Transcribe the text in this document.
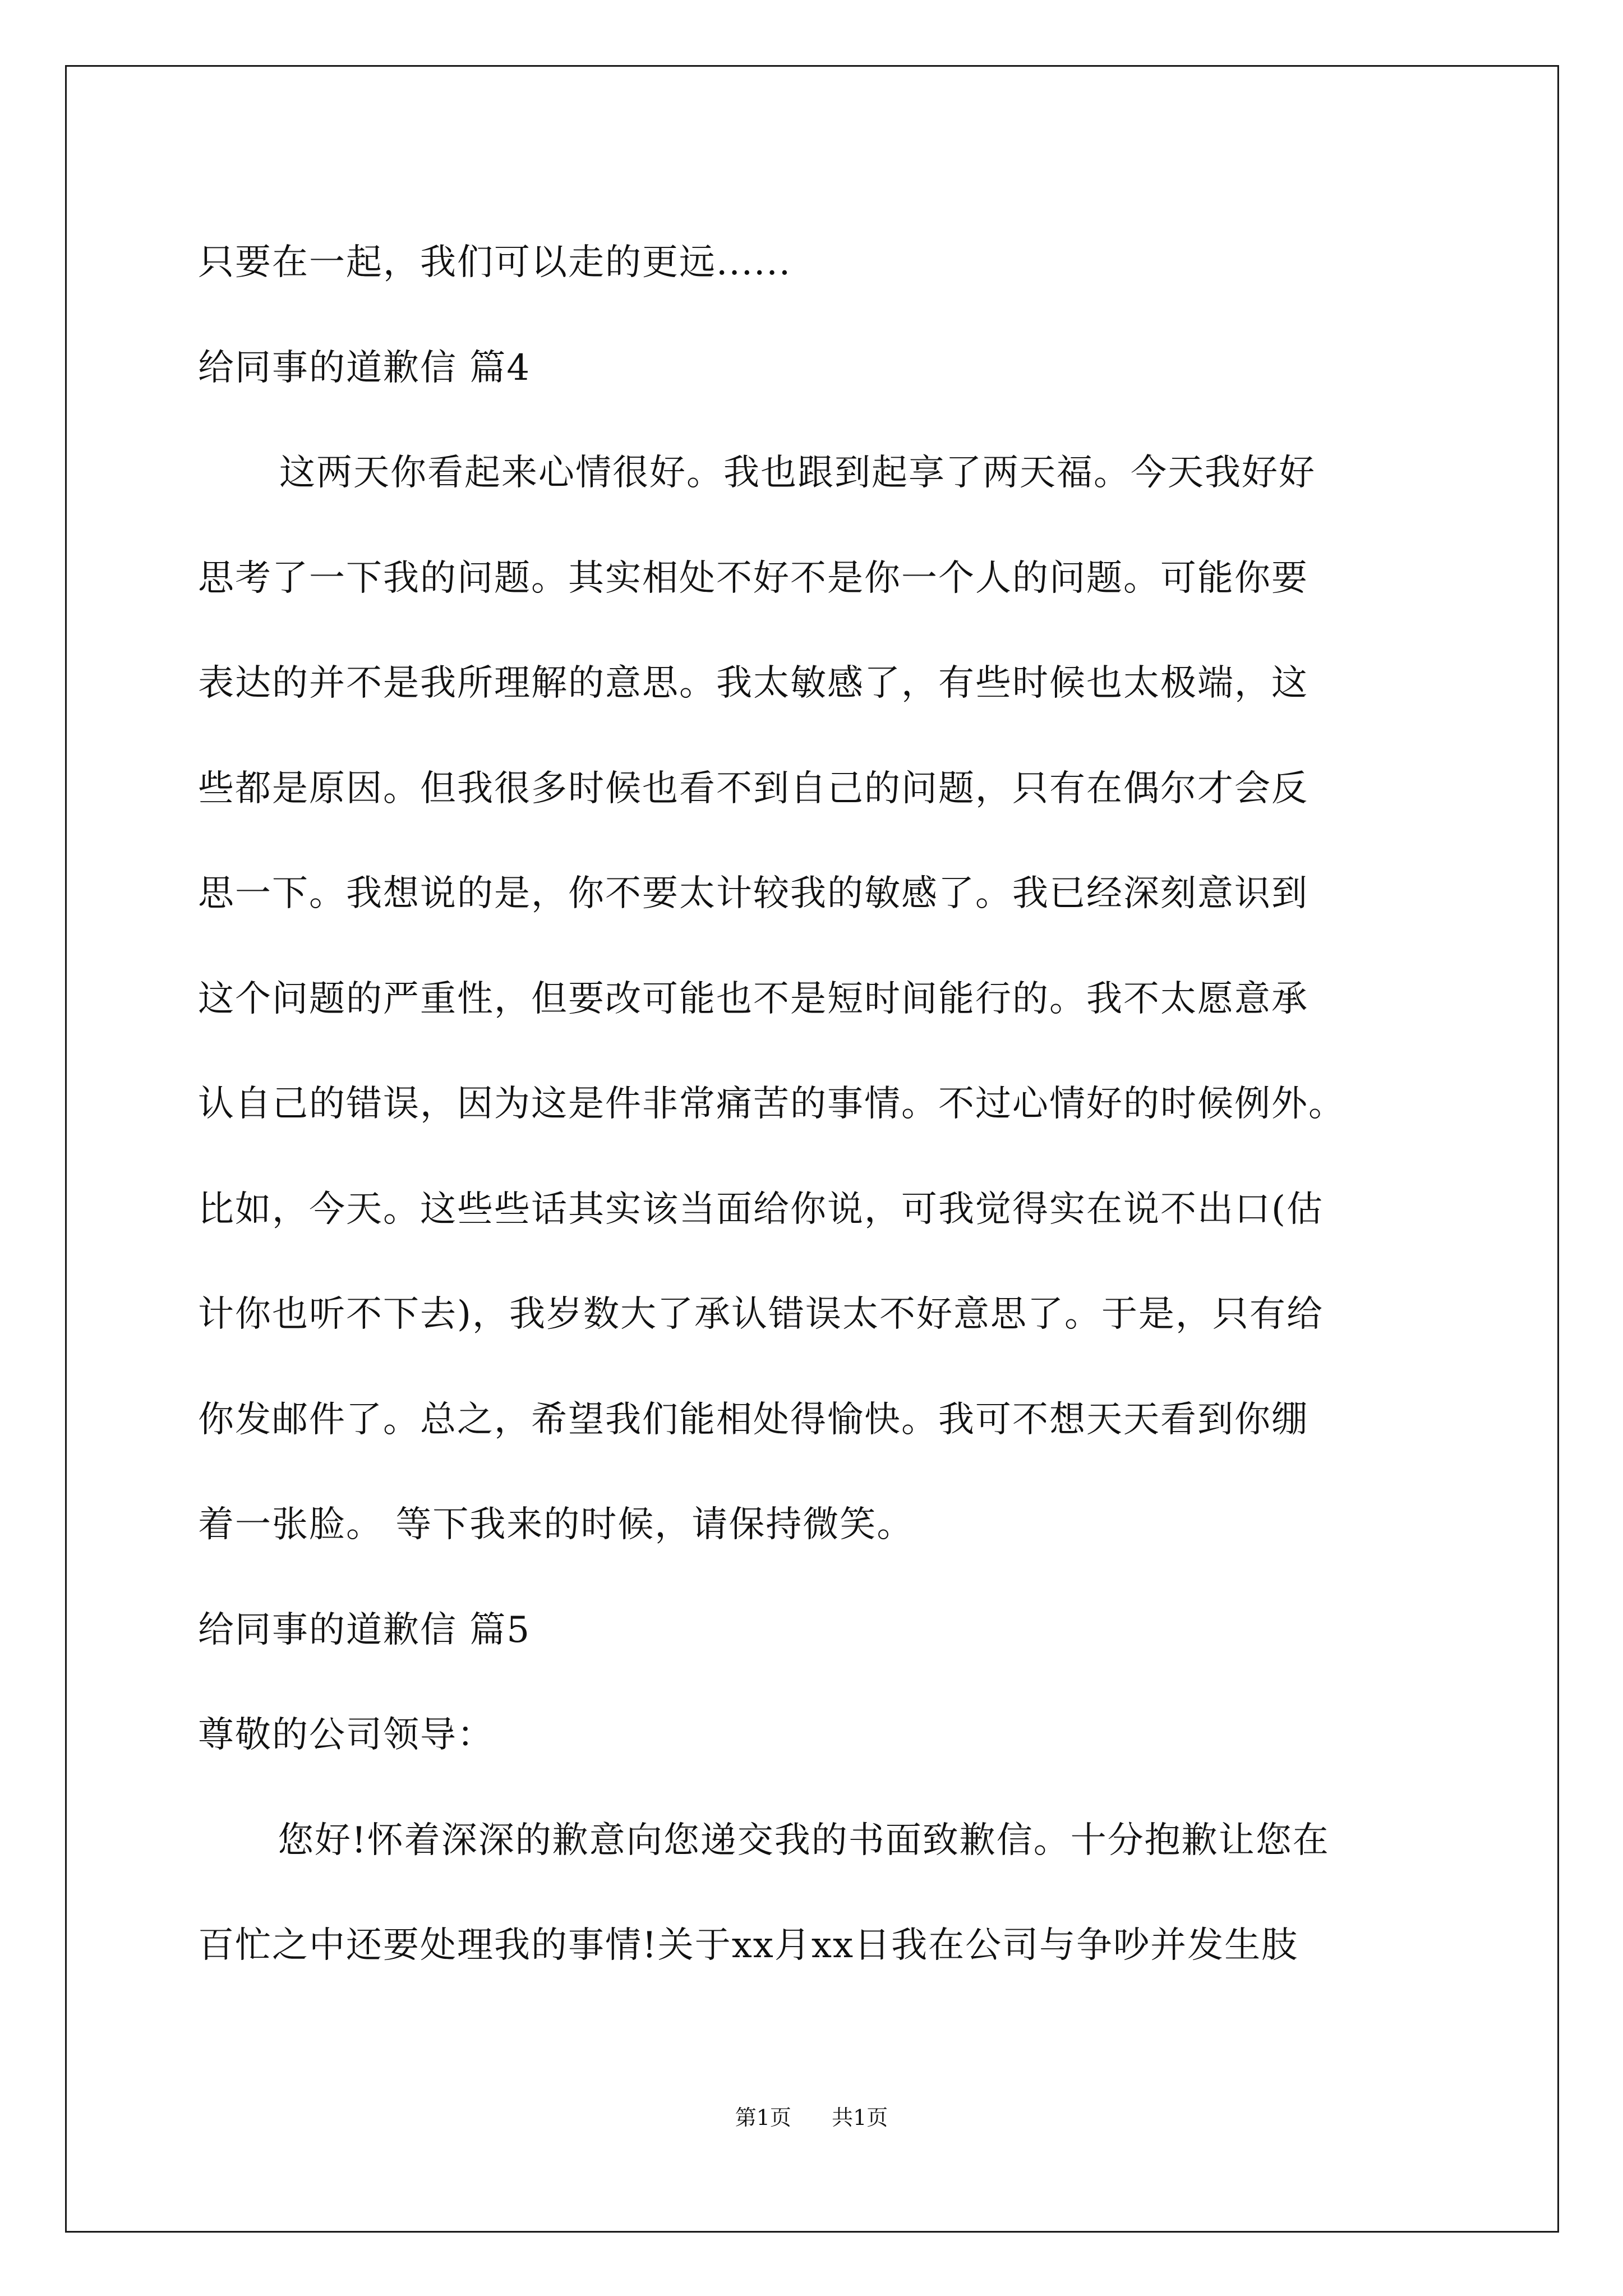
只要在一起，我们可以走的更远......
给同事的道歉信 篇4
这两天你看起来心情很好。我也跟到起享了两天福。今天我好好
思考了一下我的问题。其实相处不好不是你一个人的问题。可能你要
表达的并不是我所理解的意思。我太敏感了，有些时候也太极端，这
些都是原因。但我很多时候也看不到自己的问题，只有在偶尔才会反
思一下。我想说的是，你不要太计较我的敏感了。我已经深刻意识到
这个问题的严重性，但要改可能也不是短时间能行的。我不太愿意承
认自己的错误，因为这是件非常痛苦的事情。不过心情好的时候例外。
比如，今天。这些些话其实该当面给你说，可我觉得实在说不出口(估
计你也听不下去)，我岁数大了承认错误太不好意思了。于是，只有给
你发邮件了。总之，希望我们能相处得愉快。我可不想天天看到你绷
着一张脸。 等下我来的时候，请保持微笑。
给同事的道歉信 篇5
尊敬的公司领导：
您好!怀着深深的歉意向您递交我的书面致歉信。十分抱歉让您在
百忙之中还要处理我的事情!关于xx月xx日我在公司与争吵并发生肢
第1页 共1页
